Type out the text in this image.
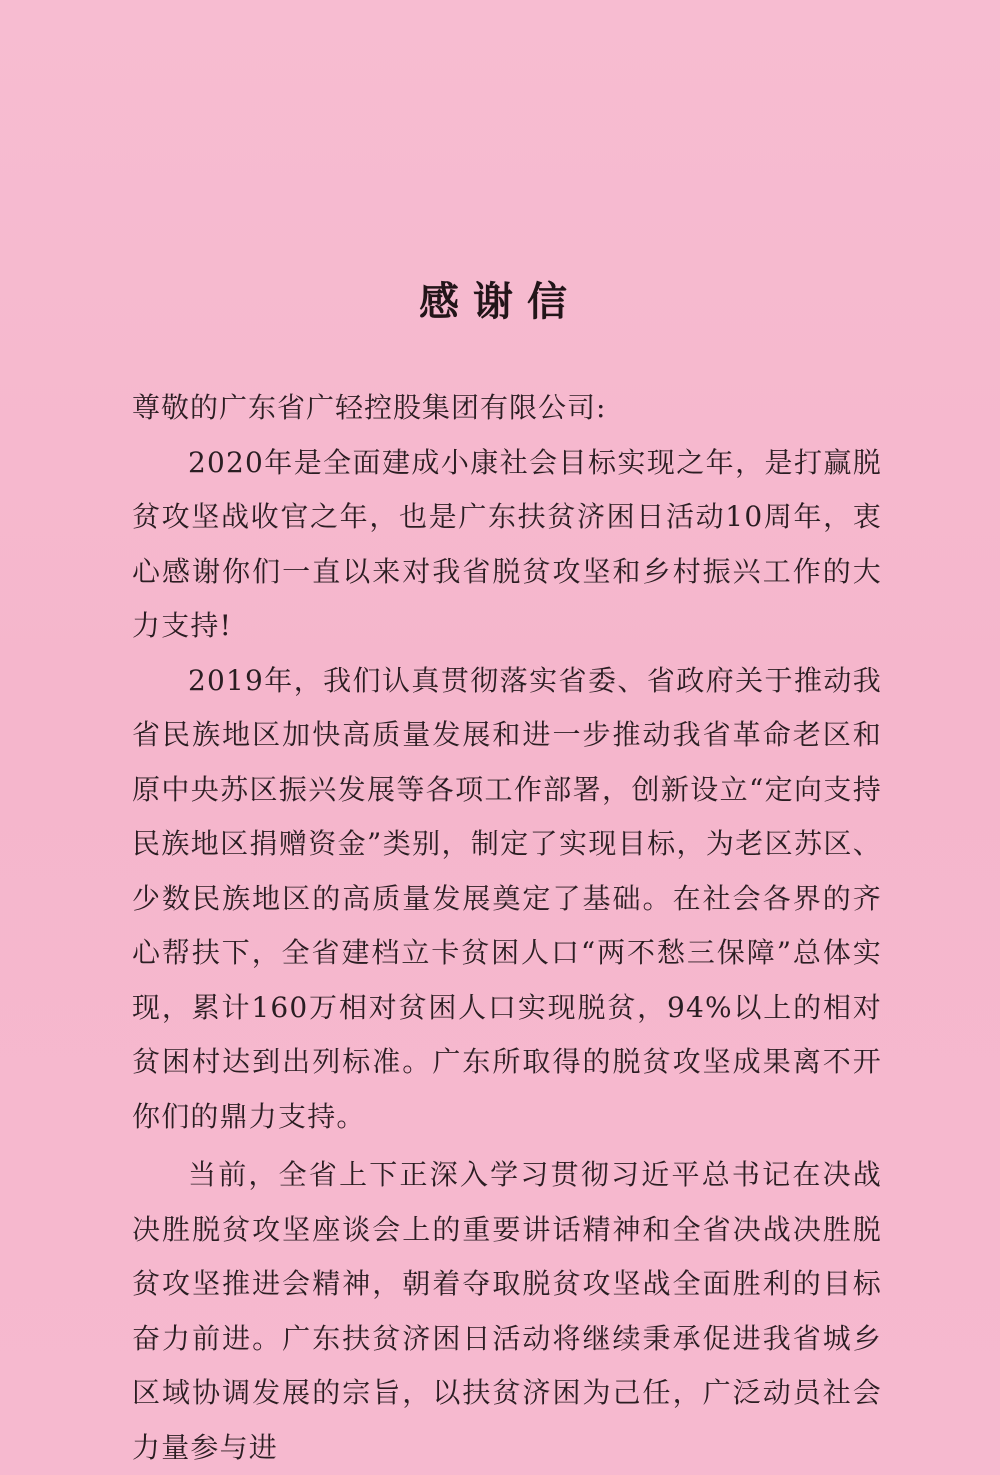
感谢信

尊敬的广东省广轻控股集团有限公司:

2020年是全面建成小康社会目标实现之年，是打赢脱贫攻坚战收官之年，也是广东扶贫济困日活动10周年，衷心感谢你们一直以来对我省脱贫攻坚和乡村振兴工作的大力支持!

2019年，我们认真贯彻落实省委、省政府关于推动我省民族地区加快高质量发展和进一步推动我省革命老区和原中央苏区振兴发展等各项工作部署，创新设立“定向支持民族地区捐赠资金”类别，制定了实现目标，为老区苏区、少数民族地区的高质量发展奠定了基础。在社会各界的齐心帮扶下，全省建档立卡贫困人口“两不愁三保障”总体实现，累计160万相对贫困人口实现脱贫，94%以上的相对贫困村达到出列标准。广东所取得的脱贫攻坚成果离不开你们的鼎力支持。

当前，全省上下正深入学习贯彻习近平总书记在决战决胜脱贫攻坚座谈会上的重要讲话精神和全省决战决胜脱贫攻坚推进会精神，朝着夺取脱贫攻坚战全面胜利的目标奋力前进。广东扶贫济困日活动将继续秉承促进我省城乡区域协调发展的宗旨，以扶贫济困为己任，广泛动员社会力量参与进
